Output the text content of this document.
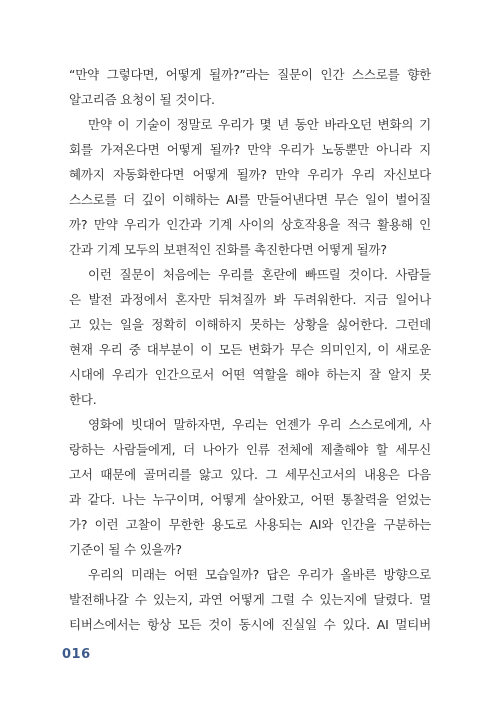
“만약 그렇다면, 어떻게 될까?”라는 질문이 인간 스스로를 향한
알고리즘 요청이 될 것이다.

만약 이 기술이 정말로 우리가 몇 년 동안 바라오던 변화의 기
회를 가져온다면 어떻게 될까? 만약 우리가 노동뿐만 아니라 지
혜까지 자동화한다면 어떻게 될까? 만약 우리가 우리 자신보다
스스로를 더 깊이 이해하는 AI를 만들어낸다면 무슨 일이 벌어질
까? 만약 우리가 인간과 기계 사이의 상호작용을 적극 활용해 인
간과 기계 모두의 보편적인 진화를 촉진한다면 어떻게 될까?

이런 질문이 처음에는 우리를 혼란에 빠뜨릴 것이다. 사람들
은 발전 과정에서 혼자만 뒤쳐질까 봐 두려워한다. 지금 일어나
고 있는 일을 정확히 이해하지 못하는 상황을 싫어한다. 그런데
현재 우리 중 대부분이 이 모든 변화가 무슨 의미인지, 이 새로운
시대에 우리가 인간으로서 어떤 역할을 해야 하는지 잘 알지 못
한다.

영화에 빗대어 말하자면, 우리는 언젠가 우리 스스로에게, 사
랑하는 사람들에게, 더 나아가 인류 전체에 제출해야 할 세무신
고서 때문에 골머리를 앓고 있다. 그 세무신고서의 내용은 다음
과 같다. 나는 누구이며, 어떻게 살아왔고, 어떤 통찰력을 얻었는
가? 이런 고찰이 무한한 용도로 사용되는 AI와 인간을 구분하는
기준이 될 수 있을까?

우리의 미래는 어떤 모습일까? 답은 우리가 올바른 방향으로
발전해나갈 수 있는지, 과연 어떻게 그럴 수 있는지에 달렸다. 멀
티버스에서는 항상 모든 것이 동시에 진실일 수 있다. AI 멀티버

016
